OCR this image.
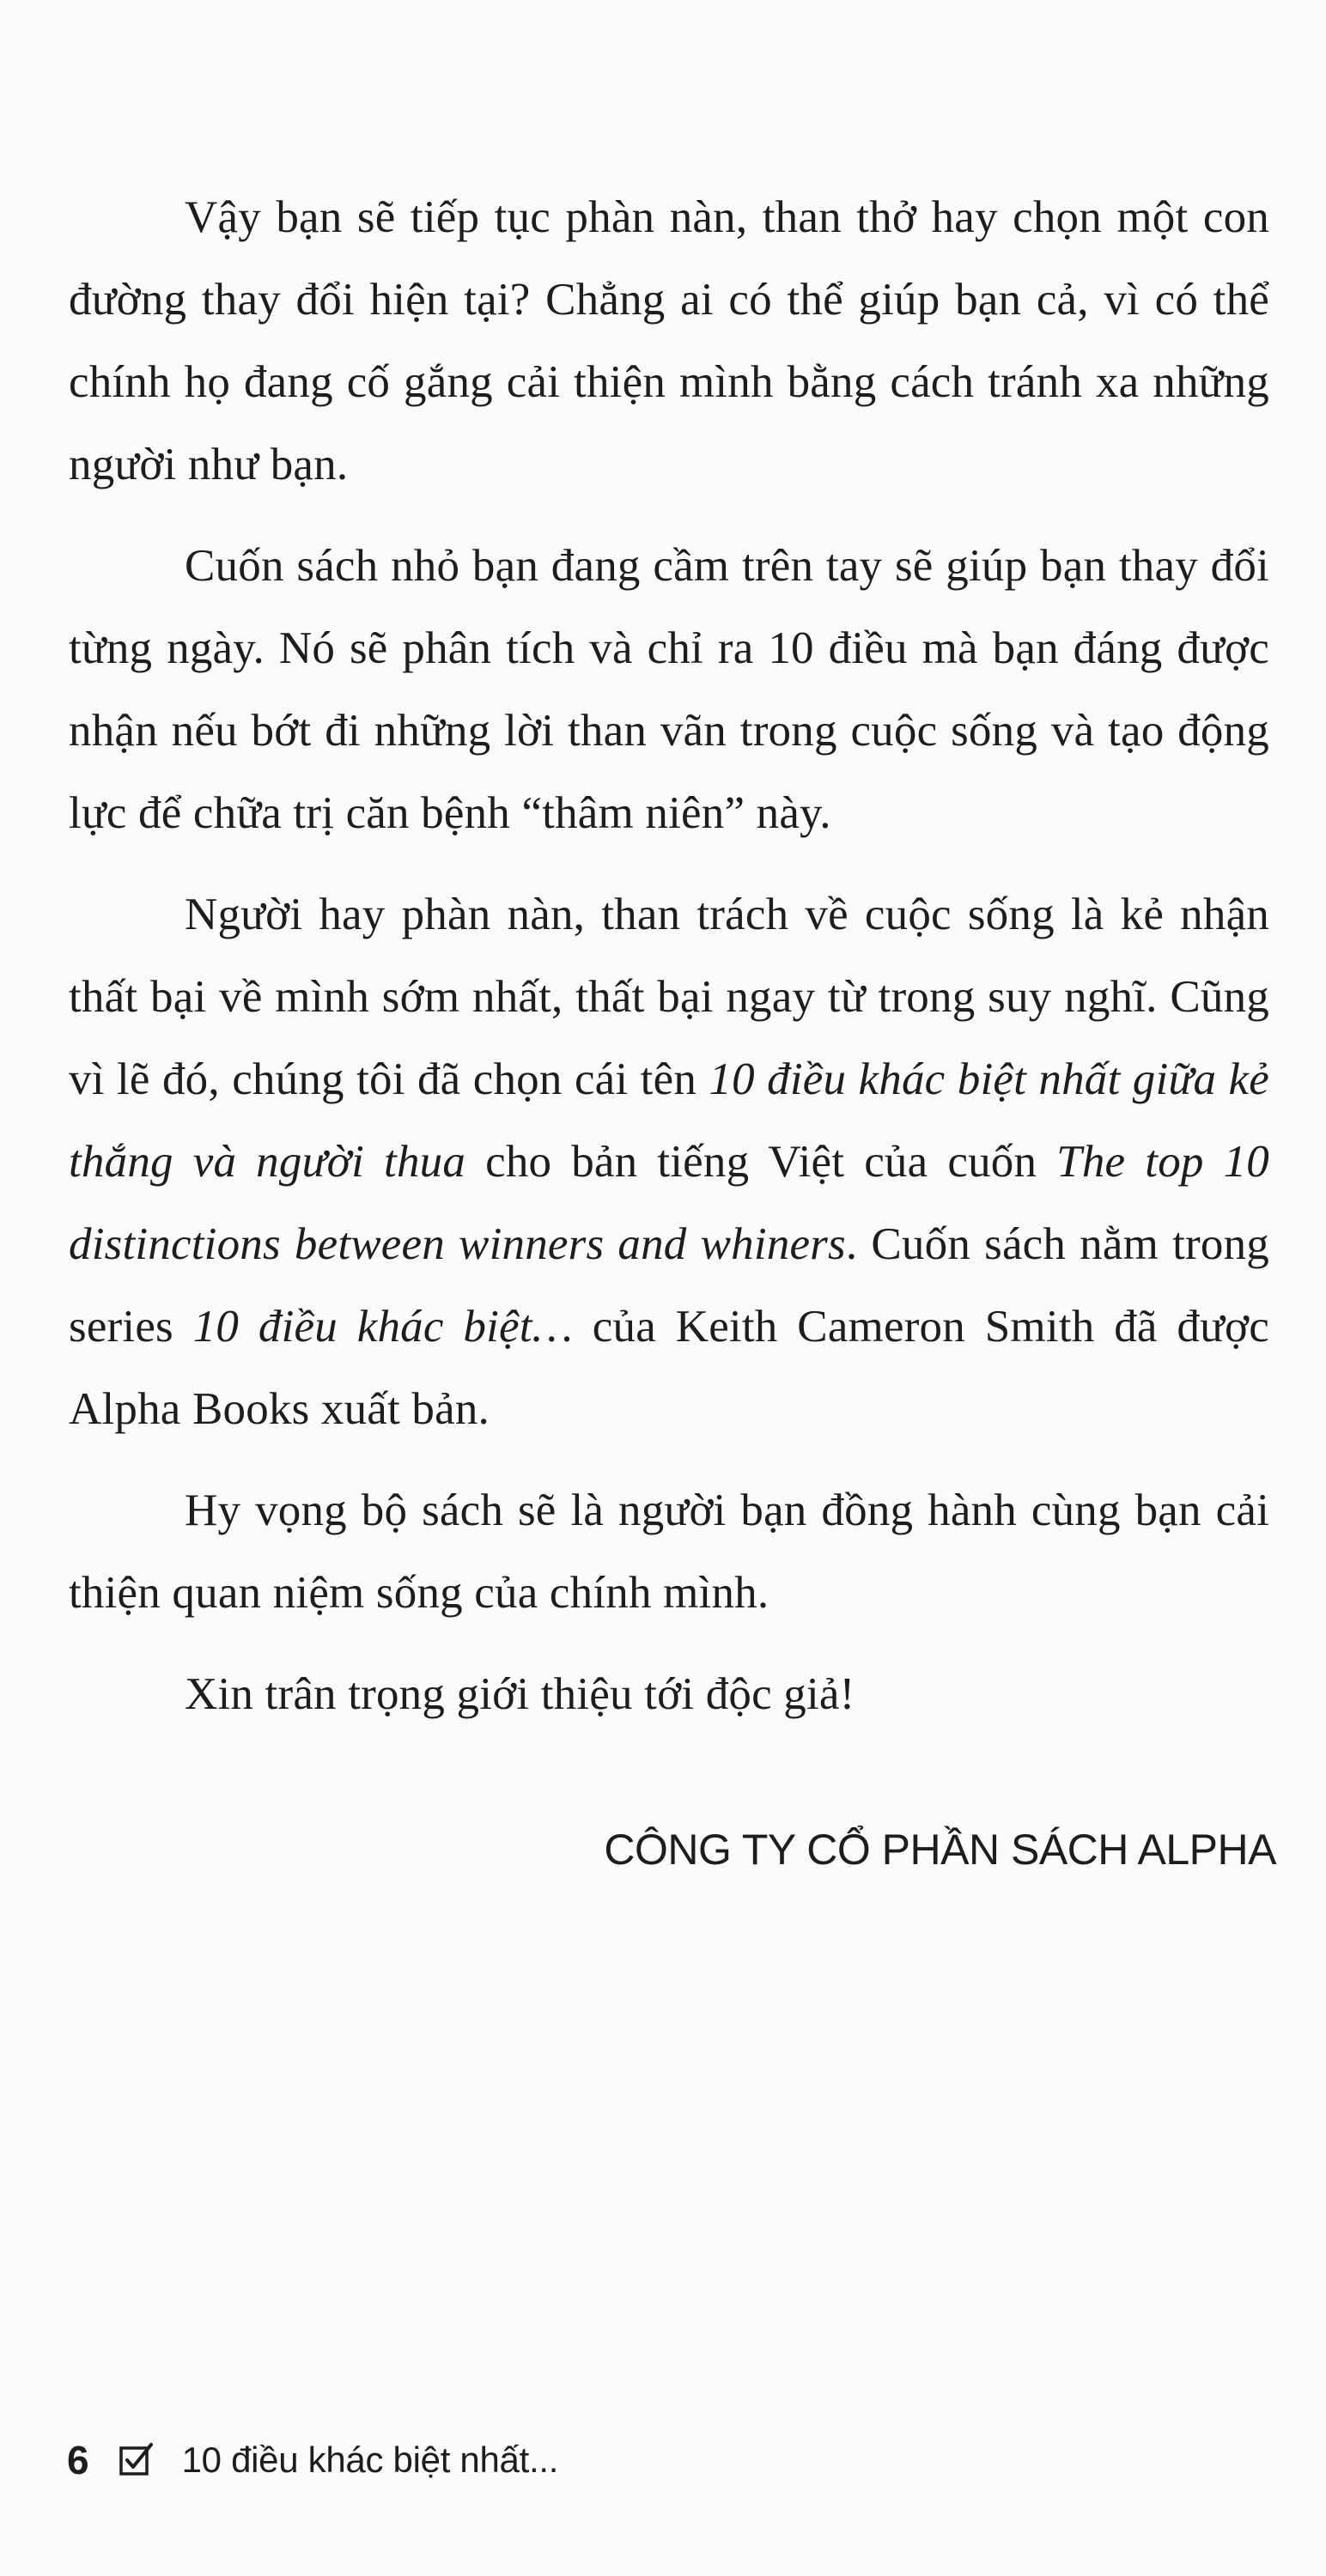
Vậy bạn sẽ tiếp tục phàn nàn, than thở hay chọn một con đường thay đổi hiện tại? Chẳng ai có thể giúp bạn cả, vì có thể chính họ đang cố gắng cải thiện mình bằng cách tránh xa những người như bạn.

Cuốn sách nhỏ bạn đang cầm trên tay sẽ giúp bạn thay đổi từng ngày. Nó sẽ phân tích và chỉ ra 10 điều mà bạn đáng được nhận nếu bớt đi những lời than vãn trong cuộc sống và tạo động lực để chữa trị căn bệnh “thâm niên” này.

Người hay phàn nàn, than trách về cuộc sống là kẻ nhận thất bại về mình sớm nhất, thất bại ngay từ trong suy nghĩ. Cũng vì lẽ đó, chúng tôi đã chọn cái tên 10 điều khác biệt nhất giữa kẻ thắng và người thua cho bản tiếng Việt của cuốn The top 10 distinctions between winners and whiners. Cuốn sách nằm trong series 10 điều khác biệt… của Keith Cameron Smith đã được Alpha Books xuất bản.

Hy vọng bộ sách sẽ là người bạn đồng hành cùng bạn cải thiện quan niệm sống của chính mình.

Xin trân trọng giới thiệu tới độc giả!

CÔNG TY CỔ PHẦN SÁCH ALPHA
6	10 điều khác biệt nhất...
